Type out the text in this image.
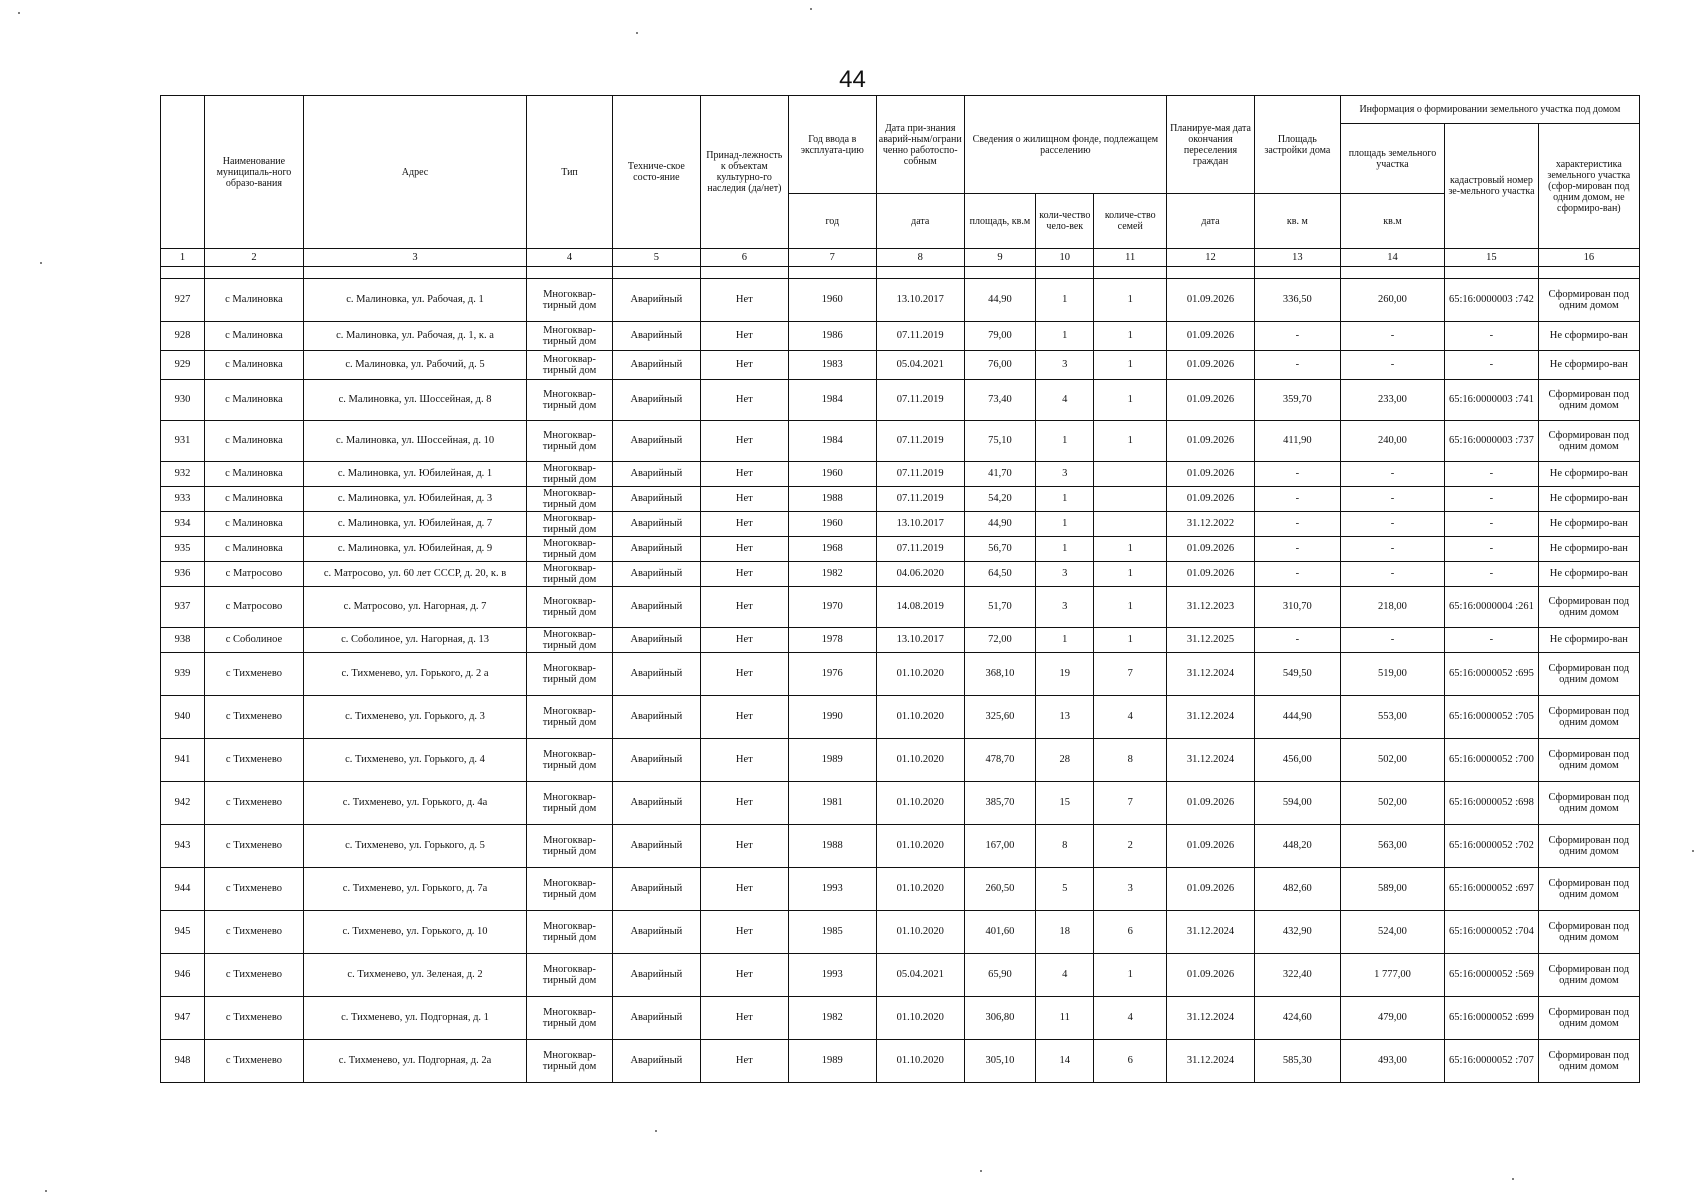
44
	Наименование муниципаль-ного образо-вания	Адрес	Тип	Техниче-ское состо-яние	Принад-лежность к объектам культурно-го наследия (да/нет)	Год ввода в эксплуата-цию	Дата при-знания аварий-ным/ограни ченно работоспо-собным	Сведения о жилищном фонде, подлежащем расселению			Планируе-мая дата окончания переселения граждан	Площадь застройки дома	Информация о формировании земельного участка под домом		
													площадь земельного участка	кадастровый номер зе-мельного участка	характеристика земельного участка (сфор-мирован под одним домом, не сформиро-ван)
						год	дата	площадь, кв.м	коли-чество чело-век	количе-ство семей	дата	кв. м	кв.м		
1	2	3	4	5	6	7	8	9	10	11	12	13	14	15	16

927	с Малиновка	с. Малиновка, ул. Рабочая, д. 1	Многоквар-тирный дом	Аварийный	Нет	1960	13.10.2017	44,90	1	1	01.09.2026	336,50	260,00	65:16:0000003 :742	Сформирован под одним домом
928	с Малиновка	с. Малиновка, ул. Рабочая, д. 1, к. а	Многоквар-тирный дом	Аварийный	Нет	1986	07.11.2019	79,00	1	1	01.09.2026	-	-	-	Не сформиро-ван
929	с Малиновка	с. Малиновка, ул. Рабочий, д. 5	Многоквар-тирный дом	Аварийный	Нет	1983	05.04.2021	76,00	3	1	01.09.2026	-	-	-	Не сформиро-ван
930	с Малиновка	с. Малиновка, ул. Шоссейная, д. 8	Многоквар-тирный дом	Аварийный	Нет	1984	07.11.2019	73,40	4	1	01.09.2026	359,70	233,00	65:16:0000003 :741	Сформирован под одним домом
931	с Малиновка	с. Малиновка, ул. Шоссейная, д. 10	Многоквар-тирный дом	Аварийный	Нет	1984	07.11.2019	75,10	1	1	01.09.2026	411,90	240,00	65:16:0000003 :737	Сформирован под одним домом
932	с Малиновка	с. Малиновка, ул. Юбилейная, д. 1	Многоквар-тирный дом	Аварийный	Нет	1960	07.11.2019	41,70	3		01.09.2026	-	-	-	Не сформиро-ван
933	с Малиновка	с. Малиновка, ул. Юбилейная, д. 3	Многоквар-тирный дом	Аварийный	Нет	1988	07.11.2019	54,20	1		01.09.2026	-	-	-	Не сформиро-ван
934	с Малиновка	с. Малиновка, ул. Юбилейная, д. 7	Многоквар-тирный дом	Аварийный	Нет	1960	13.10.2017	44,90	1		31.12.2022	-	-	-	Не сформиро-ван
935	с Малиновка	с. Малиновка, ул. Юбилейная, д. 9	Многоквар-тирный дом	Аварийный	Нет	1968	07.11.2019	56,70	1	1	01.09.2026	-	-	-	Не сформиро-ван
936	с Матросово	с. Матросово, ул. 60 лет СССР, д. 20, к. в	Многоквар-тирный дом	Аварийный	Нет	1982	04.06.2020	64,50	3	1	01.09.2026	-	-	-	Не сформиро-ван
937	с Матросово	с. Матросово, ул. Нагорная, д. 7	Многоквар-тирный дом	Аварийный	Нет	1970	14.08.2019	51,70	3	1	31.12.2023	310,70	218,00	65:16:0000004 :261	Сформирован под одним домом
938	с Соболиное	с. Соболиное, ул. Нагорная, д. 13	Многоквар-тирный дом	Аварийный	Нет	1978	13.10.2017	72,00	1	1	31.12.2025	-	-	-	Не сформиро-ван
939	с Тихменево	с. Тихменево, ул. Горького, д. 2 а	Многоквар-тирный дом	Аварийный	Нет	1976	01.10.2020	368,10	19	7	31.12.2024	549,50	519,00	65:16:0000052 :695	Сформирован под одним домом
940	с Тихменево	с. Тихменево, ул. Горького, д. 3	Многоквар-тирный дом	Аварийный	Нет	1990	01.10.2020	325,60	13	4	31.12.2024	444,90	553,00	65:16:0000052 :705	Сформирован под одним домом
941	с Тихменево	с. Тихменево, ул. Горького, д. 4	Многоквар-тирный дом	Аварийный	Нет	1989	01.10.2020	478,70	28	8	31.12.2024	456,00	502,00	65:16:0000052 :700	Сформирован под одним домом
942	с Тихменево	с. Тихменево, ул. Горького, д. 4а	Многоквар-тирный дом	Аварийный	Нет	1981	01.10.2020	385,70	15	7	01.09.2026	594,00	502,00	65:16:0000052 :698	Сформирован под одним домом
943	с Тихменево	с. Тихменево, ул. Горького, д. 5	Многоквар-тирный дом	Аварийный	Нет	1988	01.10.2020	167,00	8	2	01.09.2026	448,20	563,00	65:16:0000052 :702	Сформирован под одним домом
944	с Тихменево	с. Тихменево, ул. Горького, д. 7а	Многоквар-тирный дом	Аварийный	Нет	1993	01.10.2020	260,50	5	3	01.09.2026	482,60	589,00	65:16:0000052 :697	Сформирован под одним домом
945	с Тихменево	с. Тихменево, ул. Горького, д. 10	Многоквар-тирный дом	Аварийный	Нет	1985	01.10.2020	401,60	18	6	31.12.2024	432,90	524,00	65:16:0000052 :704	Сформирован под одним домом
946	с Тихменево	с. Тихменево, ул. Зеленая, д. 2	Многоквар-тирный дом	Аварийный	Нет	1993	05.04.2021	65,90	4	1	01.09.2026	322,40	1 777,00	65:16:0000052 :569	Сформирован под одним домом
947	с Тихменево	с. Тихменево, ул. Подгорная, д. 1	Многоквар-тирный дом	Аварийный	Нет	1982	01.10.2020	306,80	11	4	31.12.2024	424,60	479,00	65:16:0000052 :699	Сформирован под одним домом
948	с Тихменево	с. Тихменево, ул. Подгорная, д. 2а	Многоквар-тирный дом	Аварийный	Нет	1989	01.10.2020	305,10	14	6	31.12.2024	585,30	493,00	65:16:0000052 :707	Сформирован под одним домом
